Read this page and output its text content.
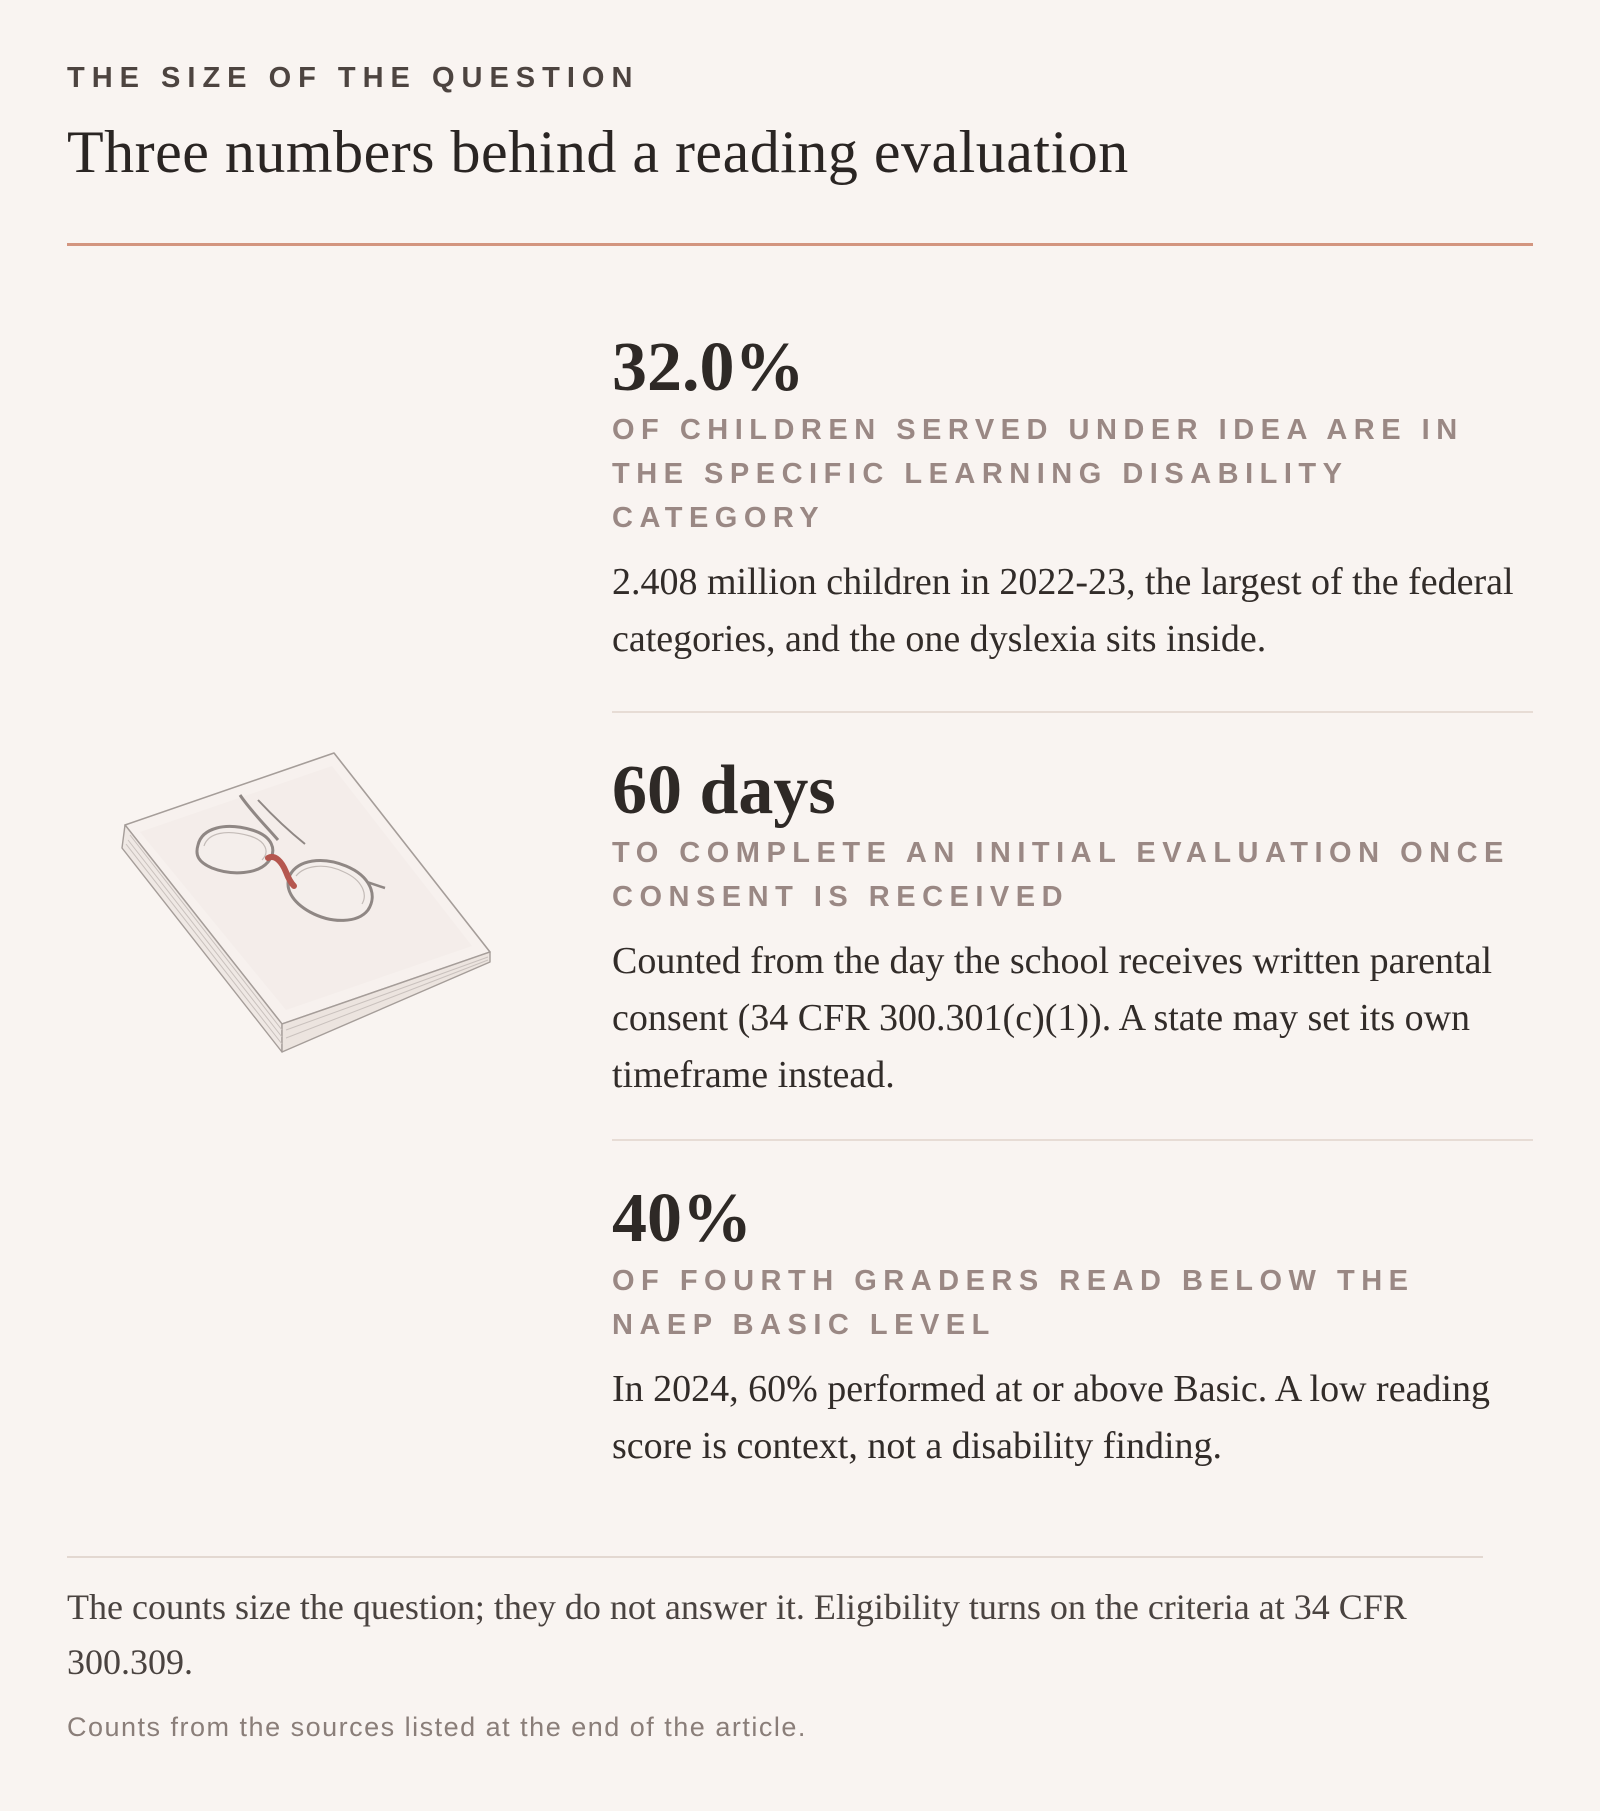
THE SIZE OF THE QUESTION

Three numbers behind a reading evaluation

32.0%

OF CHILDREN SERVED UNDER IDEA ARE IN THE SPECIFIC LEARNING DISABILITY CATEGORY

2.408 million children in 2022-23, the largest of the federal categories, and the one dyslexia sits inside.

60 days

TO COMPLETE AN INITIAL EVALUATION ONCE CONSENT IS RECEIVED

Counted from the day the school receives written parental consent (34 CFR 300.301(c)(1)). A state may set its own timeframe instead.

40%

OF FOURTH GRADERS READ BELOW THE NAEP BASIC LEVEL

In 2024, 60% performed at or above Basic. A low reading score is context, not a disability finding.

The counts size the question; they do not answer it. Eligibility turns on the criteria at 34 CFR 300.309.

Counts from the sources listed at the end of the article.
